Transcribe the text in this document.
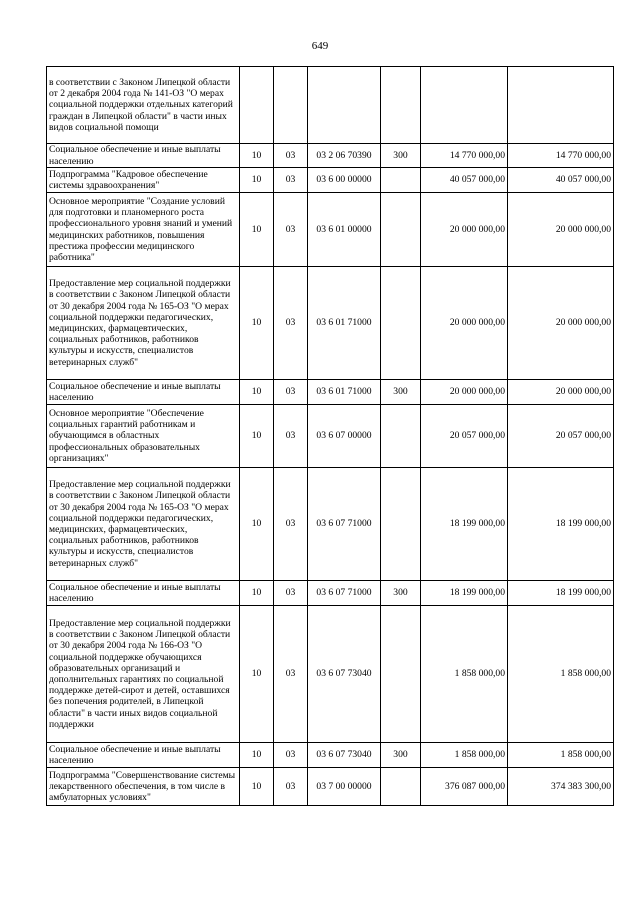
649
в соответствии с Законом Липецкой области от 2 декабря 2004 года № 141-ОЗ "О мерах социальной поддержки отдельных категорий граждан в Липецкой области" в части иных видов социальной помощи						
Социальное обеспечение и иные выплаты населению	10	03	03 2 06 70390	300	14 770 000,00	14 770 000,00
Подпрограмма "Кадровое обеспечение системы здравоохранения"	10	03	03 6 00 00000		40 057 000,00	40 057 000,00
Основное мероприятие "Создание условий для подготовки и планомерного роста профессионального уровня знаний и умений медицинских работников, повышения престижа профессии медицинского работника"	10	03	03 6 01 00000		20 000 000,00	20 000 000,00
Предоставление мер социальной поддержки в соответствии с Законом Липецкой области от 30 декабря 2004 года № 165-ОЗ "О мерах социальной поддержки педагогических, медицинских, фармацевтических, социальных работников, работников культуры и искусств, специалистов ветеринарных служб"	10	03	03 6 01 71000		20 000 000,00	20 000 000,00
Социальное обеспечение и иные выплаты населению	10	03	03 6 01 71000	300	20 000 000,00	20 000 000,00
Основное мероприятие "Обеспечение социальных гарантий работникам и обучающимся в областных профессиональных образовательных организациях"	10	03	03 6 07 00000		20 057 000,00	20 057 000,00
Предоставление мер социальной поддержки в соответствии с Законом Липецкой области от 30 декабря 2004 года № 165-ОЗ "О мерах социальной поддержки педагогических, медицинских, фармацевтических, социальных работников, работников культуры и искусств, специалистов ветеринарных служб"	10	03	03 6 07 71000		18 199 000,00	18 199 000,00
Социальное обеспечение и иные выплаты населению	10	03	03 6 07 71000	300	18 199 000,00	18 199 000,00
Предоставление мер социальной поддержки в соответствии с Законом Липецкой области от 30 декабря 2004 года № 166-ОЗ "О социальной поддержке обучающихся образовательных организаций и дополнительных гарантиях по социальной поддержке детей-сирот и детей, оставшихся без попечения родителей, в Липецкой области" в части иных видов социальной поддержки	10	03	03 6 07 73040		1 858 000,00	1 858 000,00
Социальное обеспечение и иные выплаты населению	10	03	03 6 07 73040	300	1 858 000,00	1 858 000,00
Подпрограмма "Совершенствование системы лекарственного обеспечения, в том числе в амбулаторных условиях"	10	03	03 7 00 00000		376 087 000,00	374 383 300,00
